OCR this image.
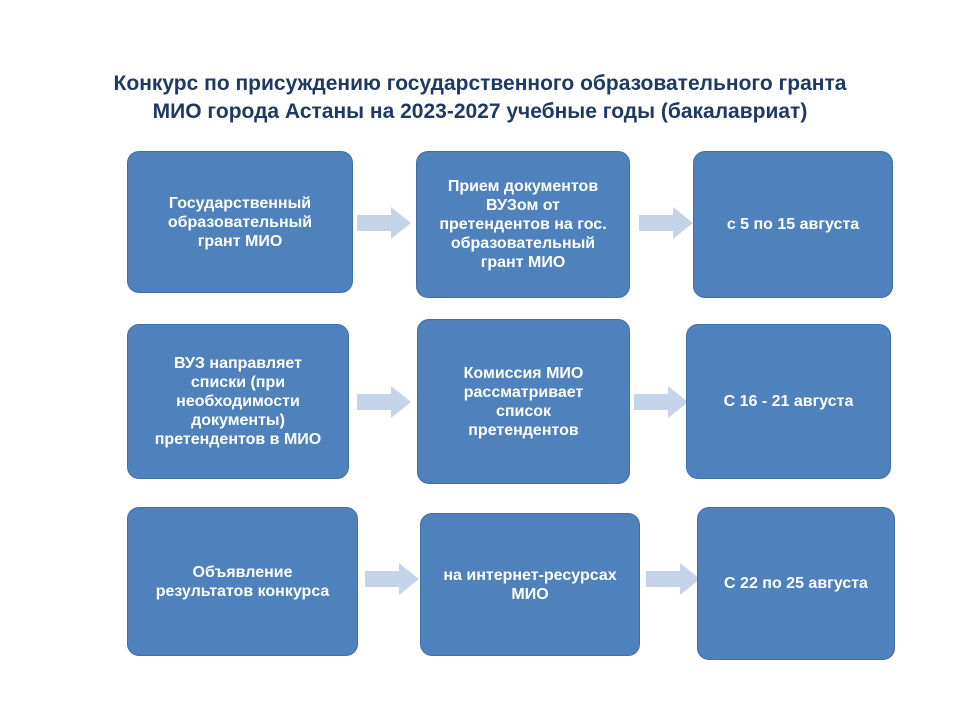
Конкурс по присуждению государственного образовательного гранта
МИО города Астаны на 2023-2027 учебные годы (бакалавриат)
Государственный
образовательный
грант МИО
Прием документов
ВУЗом от
претендентов на гос.
образовательный
грант МИО
с 5 по 15 августа
ВУЗ направляет
списки (при
необходимости
документы)
претендентов в МИО
Комиссия МИО
рассматривает
список
претендентов
С 16 - 21 августа
Объявление
результатов конкурса
на интернет-ресурсах
МИО
С 22 по 25 августа
